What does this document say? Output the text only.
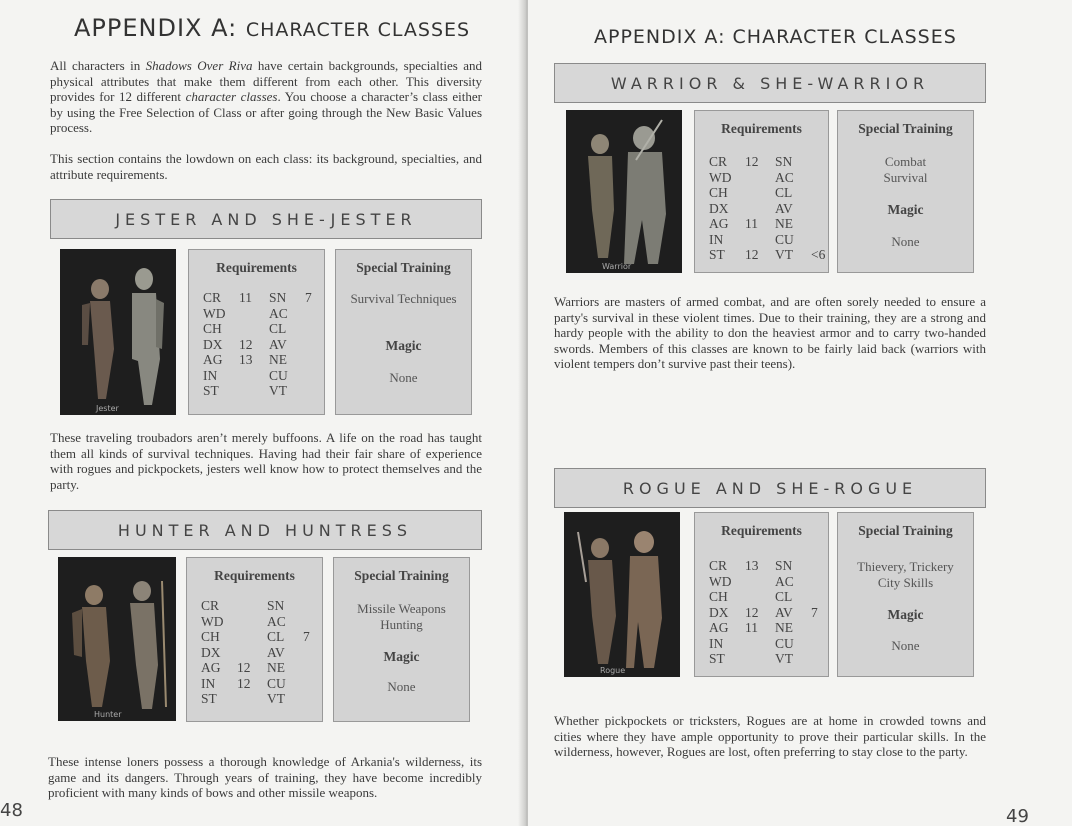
APPENDIX A: CHARACTER CLASSES
All characters in Shadows Over Riva have certain backgrounds, specialties and physical attributes that make them different from each other. This diversity provides for 12 different character classes. You choose a character’s class either by using the Free Selection of Class or after going through the New Basic Values process.
This section contains the lowdown on each class: its background, specialties, and attribute requirements.
JESTER AND SHE-JESTER
Jester
Requirements
CR	11	SN	7
WD	AC
CH	CL
DX	12	AV
AG	13	NE
IN	CU
ST	VT
Special Training
Survival Techniques
Magic
None
These traveling troubadors aren’t merely buffoons. A life on the road has taught them all kinds of survival techniques. Having had their fair share of experience with rogues and pickpockets, jesters well know how to protect themselves and the party.
HUNTER AND HUNTRESS
Hunter
Requirements
CR	SN
WD	AC
CH	CL	7
DX	AV
AG	12	NE
IN	12	CU
ST	VT
Special Training
Missile Weapons
Hunting
Magic
None
These intense loners possess a thorough knowledge of Arkania's wilderness, its game and its dangers. Through years of training, they have become incredibly proficient with many kinds of bows and other missile weapons.
48
APPENDIX A: CHARACTER CLASSES
WARRIOR & SHE-WARRIOR
Warrior
Requirements
CR	12	SN
WD	AC
CH	CL
DX	AV
AG	11	NE
IN	CU
ST	12	VT	<6
Special Training
Combat
Survival
Magic
None
Warriors are masters of armed combat, and are often sorely needed to ensure a party's survival in these violent times. Due to their training, they are a strong and hardy people with the ability to don the heaviest armor and to carry two-handed swords. Members of this classes are known to be fairly laid back (warriors with violent tempers don’t survive past their teens).
ROGUE AND SHE-ROGUE
Rogue
Requirements
CR	13	SN
WD	AC
CH	CL
DX	12	AV	7
AG	11	NE
IN	CU
ST	VT
Special Training
Thievery, Trickery
City Skills
Magic
None
Whether pickpockets or tricksters, Rogues are at home in crowded towns and cities where they have ample opportunity to prove their particular skills. In the wilderness, however, Rogues are lost, often preferring to stay close to the party.
49
